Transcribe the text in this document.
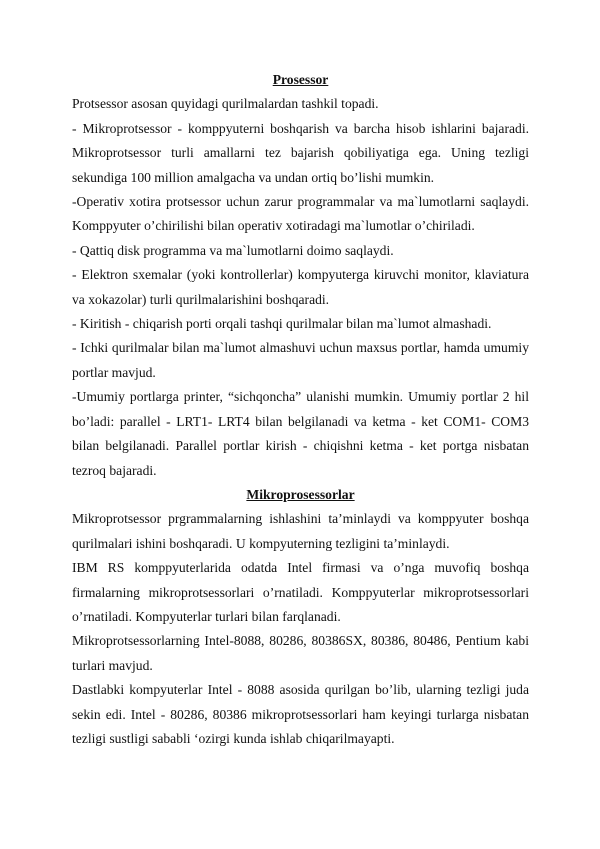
Prosessor

Protsessor asosan quyidagi qurilmalardan tashkil topadi.

- Mikroprotsessor - komppyuterni boshqarish va barcha hisob ishlarini bajaradi. Mikroprotsessor turli amallarni tez bajarish qobiliyatiga ega. Uning tezligi sekundiga 100 million amalgacha va undan ortiq bo’lishi mumkin.

-Operativ xotira protsessor uchun zarur programmalar va ma`lumotlarni saqlaydi. Komppyuter o’chirilishi bilan operativ xotiradagi ma`lumotlar o’chiriladi.

- Qattiq disk programma va ma`lumotlarni doimo saqlaydi.

- Elektron sxemalar (yoki kontrollerlar) kompyuterga kiruvchi monitor, klaviatura va xokazolar) turli qurilmalarishini boshqaradi.

- Kiritish - chiqarish porti orqali tashqi qurilmalar bilan ma`lumot almashadi.

- Ichki qurilmalar bilan ma`lumot almashuvi uchun maxsus portlar, hamda umumiy portlar mavjud.

-Umumiy portlarga printer, “sichqoncha” ulanishi mumkin. Umumiy portlar 2 hil bo’ladi: parallel - LRT1- LRT4 bilan belgilanadi va ketma - ket COM1- COM3 bilan belgilanadi. Parallel portlar kirish - chiqishni ketma - ket portga nisbatan tezroq bajaradi.

Mikroprosessorlar

Mikroprotsessor prgrammalarning ishlashini ta’minlaydi va komppyuter boshqa qurilmalari ishini boshqaradi. U kompyuterning tezligini ta’minlaydi.

IBM RS komppyuterlarida odatda Intel firmasi va o’nga muvofiq boshqa firmalarning mikroprotsessorlari o’rnatiladi. Komppyuterlar mikroprotsessorlari o’rnatiladi. Kompyuterlar turlari bilan farqlanadi.

Mikroprotsessorlarning Intel-8088, 80286, 80386SX, 80386, 80486, Pentium kabi turlari mavjud.

Dastlabki kompyuterlar Intel - 8088 asosida qurilgan bo’lib, ularning tezligi juda sekin edi. Intel - 80286, 80386 mikroprotsessorlari ham keyingi turlarga nisbatan tezligi sustligi sababli ‘ozirgi kunda ishlab chiqarilmayapti.
